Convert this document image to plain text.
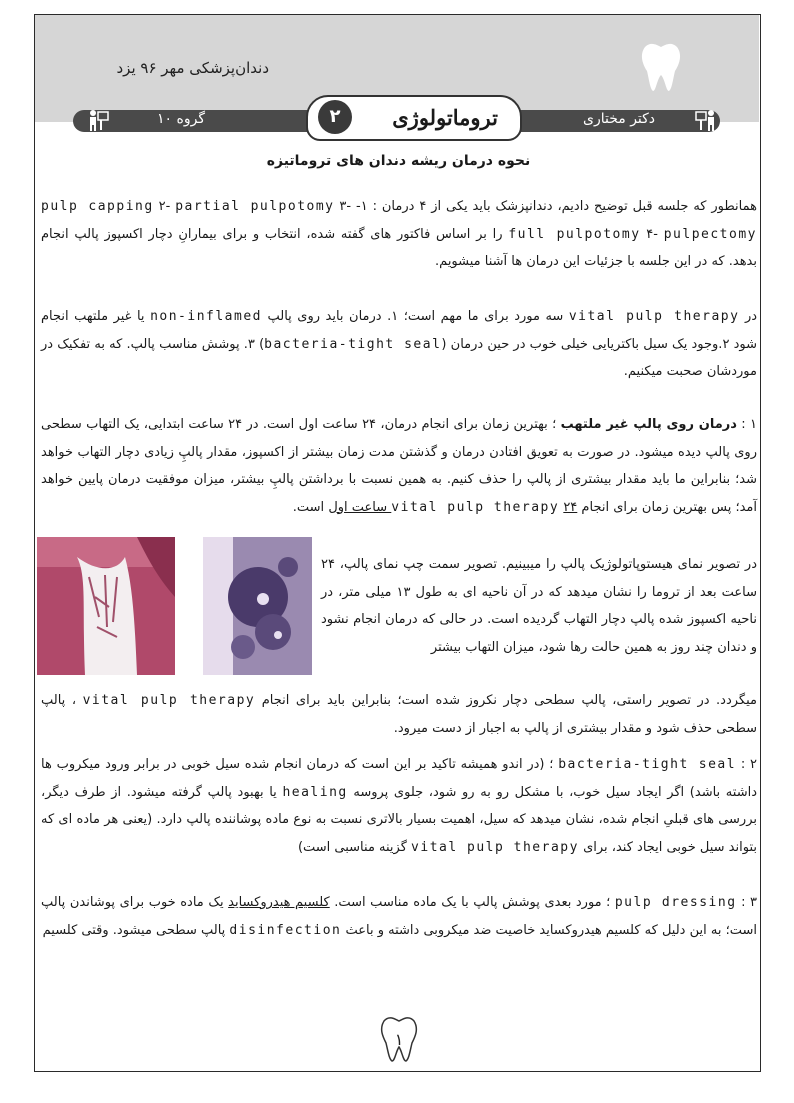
دندان‌پزشکی مهر ۹۶ یزد
گروه ۱۰	دکتر مختاری
۲	تروماتولوژی
نحوه درمان ریشه دندان های تروماتیزه
همانطور که جلسه قبل توضیح دادیم، دندانپزشک باید یکی از ۴ درمان : ۱- pulp capping ۲- partial pulpotomy ۳- full pulpotomy ۴- pulpectomy را بر اساس فاکتور های گفته شده، انتخاب و برای بیمارانِ دچار اکسپوز پالپ انجام بدهد. که در این جلسه با جزئیات این درمان ها آشنا میشویم.
در vital pulp therapy سه مورد برای ما مهم است؛ ۱. درمان باید روی پالپ non-inflamed یا غیر ملتهب انجام شود ۲.وجود یک سیل باکتریایی خیلی خوب در حین درمان (bacteria-tight seal) ۳. پوشش مناسب پالپ. که به تفکیک در موردشان صحبت میکنیم.
۱ : درمان روی پالپ غیر ملتهب ؛ بهترین زمان برای انجام درمان، ۲۴ ساعت اول است. در ۲۴ ساعت ابتدایی، یک التهاب سطحی روی پالپ دیده میشود. در صورت به تعویق افتادن درمان و گذشتن مدت زمان بیشتر از اکسپوز، مقدار پالپِ زیادی دچار التهاب خواهد شد؛ بنابراین ما باید مقدار بیشتری از پالپ را حذف کنیم. به همین نسبت با برداشتن پالپِ بیشتر، میزان موفقیت درمان پایین خواهد آمد؛ پس بهترین زمان برای انجام vital pulp therapy ۲۴ ساعت اول است.
در تصویر نمای هیستوپاتولوژیک پالپ را میبینیم. تصویر سمت چپ نمای پالپ، ۲۴ ساعت بعد از تروما را نشان میدهد که در آن ناحیه ای به طول ۱۳ میلی متر، در ناحیه اکسپوز شده پالپ دچار التهاب گردیده است. در حالی که درمان انجام نشود و دندان چند روز به همین حالت رها شود، میزان التهاب بیشتر
میگردد. در تصویر راستی، پالپ سطحی دچار نکروز شده است؛ بنابراین باید برای انجام vital pulp therapy ، پالپ سطحی حذف شود و مقدار بیشتری از پالپ به اجبار از دست میرود.
۲ : bacteria-tight seal ؛ (در اندو همیشه تاکید بر این است که درمان انجام شده سیل خوبی در برابر ورود میکروب ها داشته باشد) اگر ایجاد سیل خوب، با مشکل رو به رو شود، جلوی پروسه healing یا بهبود پالپ گرفته میشود. از طرف دیگر، بررسی های قبلیِ انجام شده، نشان میدهد که سیل، اهمیت بسیار بالاتری نسبت به نوع ماده پوشاننده پالپ دارد. (یعنی هر ماده ای که بتواند سیل خوبی ایجاد کند، برای vital pulp therapy گزینه مناسبی است)
۳ : pulp dressing ؛ مورد بعدی پوشش پالپ با یک ماده مناسب است. کلسیم هیدروکساید یک ماده خوب برای پوشاندن پالپ است؛ به این دلیل که کلسیم هیدروکساید خاصیت ضد میکروبی داشته و باعث disinfection پالپ سطحی میشود. وقتی کلسیم
۱
